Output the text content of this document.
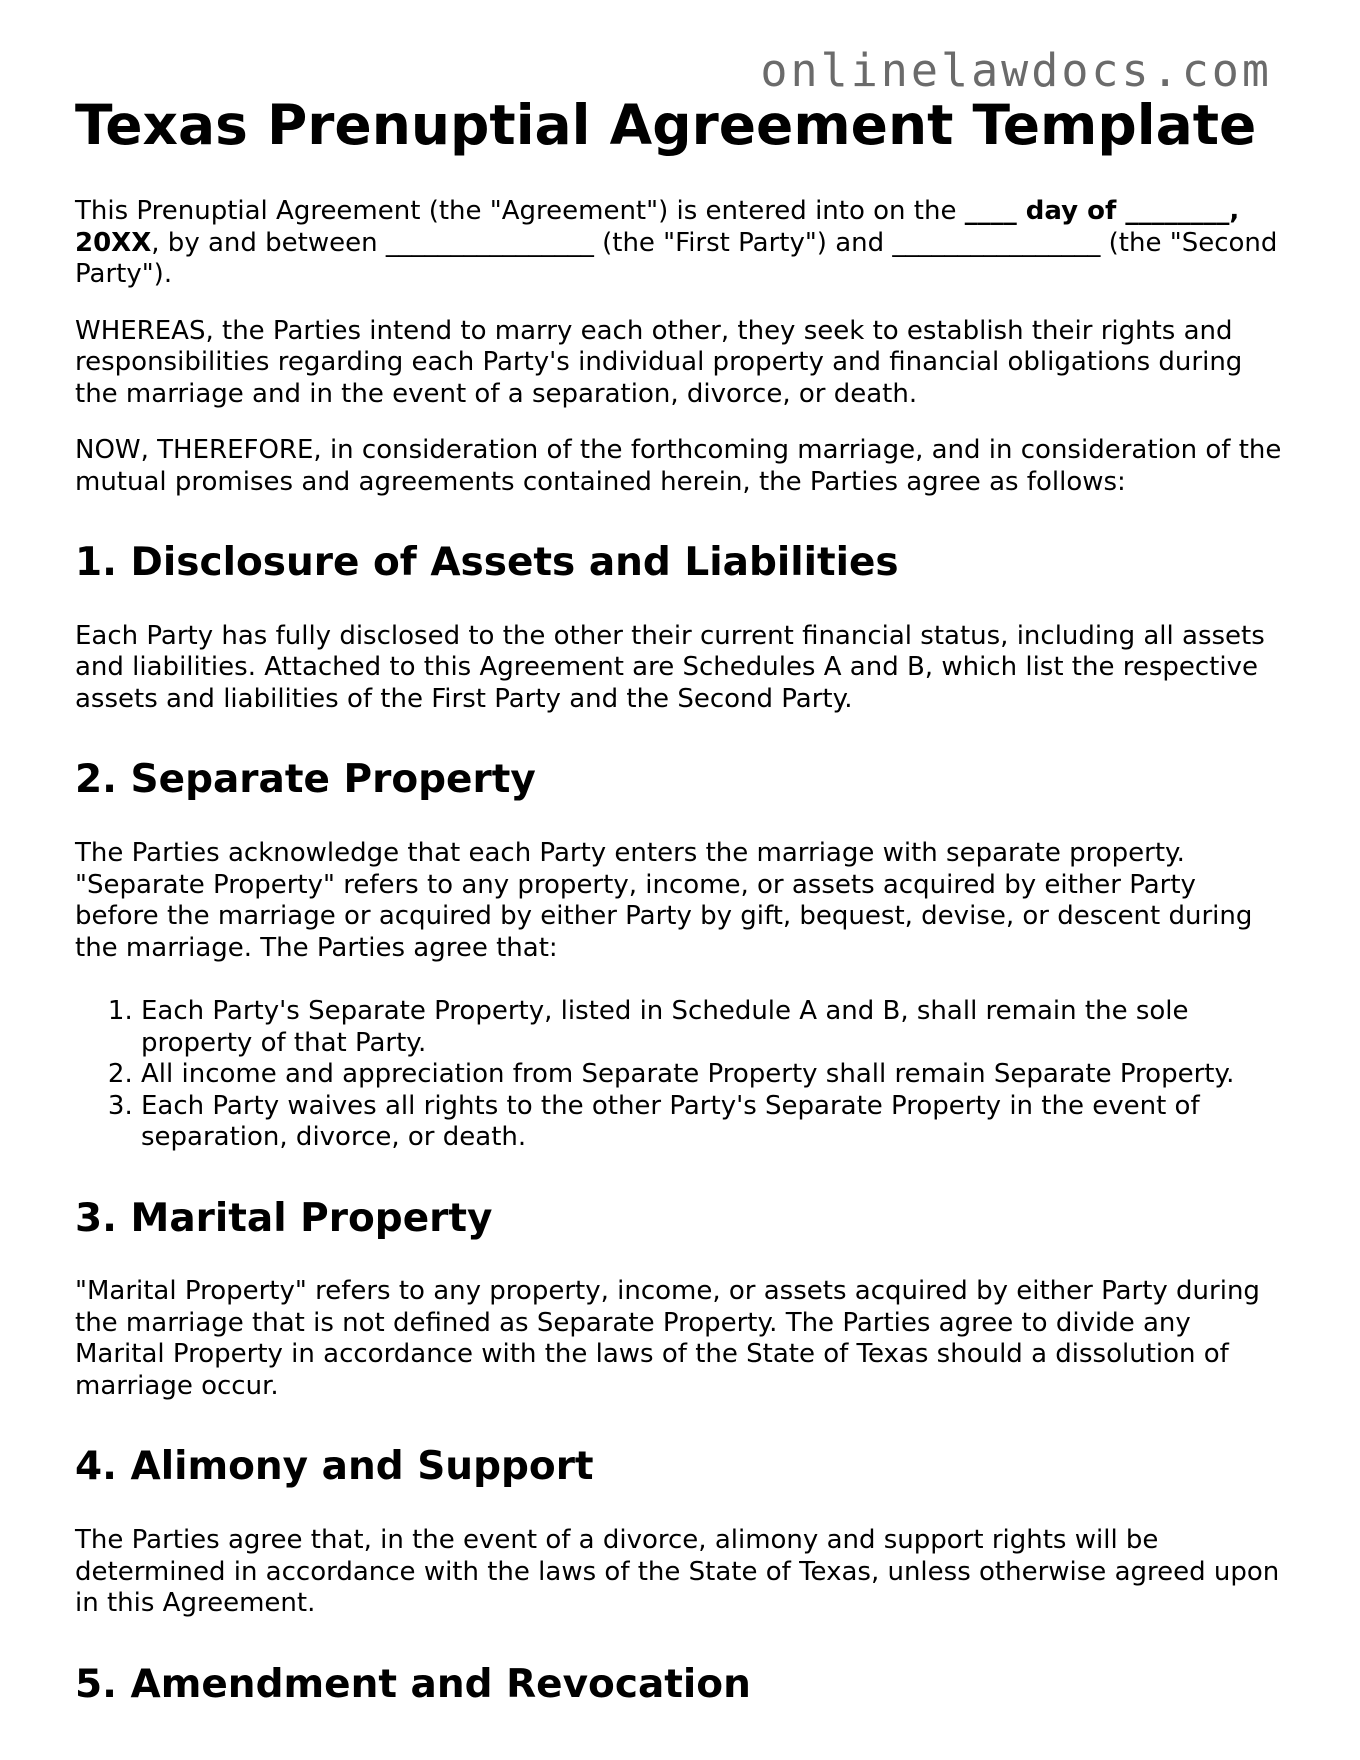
onlinelawdocs.com
Texas Prenuptial Agreement Template

This Prenuptial Agreement (the "Agreement") is entered into on the ____ day of ________, 20XX, by and between ________________ (the "First Party") and ________________ (the "Second Party").

WHEREAS, the Parties intend to marry each other, they seek to establish their rights and responsibilities regarding each Party's individual property and financial obligations during the marriage and in the event of a separation, divorce, or death.

NOW, THEREFORE, in consideration of the forthcoming marriage, and in consideration of the mutual promises and agreements contained herein, the Parties agree as follows:

1. Disclosure of Assets and Liabilities

Each Party has fully disclosed to the other their current financial status, including all assets and liabilities. Attached to this Agreement are Schedules A and B, which list the respective assets and liabilities of the First Party and the Second Party.

2. Separate Property

The Parties acknowledge that each Party enters the marriage with separate property. "Separate Property" refers to any property, income, or assets acquired by either Party before the marriage or acquired by either Party by gift, bequest, devise, or descent during the marriage. The Parties agree that:

1. Each Party's Separate Property, listed in Schedule A and B, shall remain the sole property of that Party.
2. All income and appreciation from Separate Property shall remain Separate Property.
3. Each Party waives all rights to the other Party's Separate Property in the event of separation, divorce, or death.
3. Marital Property

"Marital Property" refers to any property, income, or assets acquired by either Party during the marriage that is not defined as Separate Property. The Parties agree to divide any Marital Property in accordance with the laws of the State of Texas should a dissolution of marriage occur.

4. Alimony and Support

The Parties agree that, in the event of a divorce, alimony and support rights will be determined in accordance with the laws of the State of Texas, unless otherwise agreed upon in this Agreement.

5. Amendment and Revocation
